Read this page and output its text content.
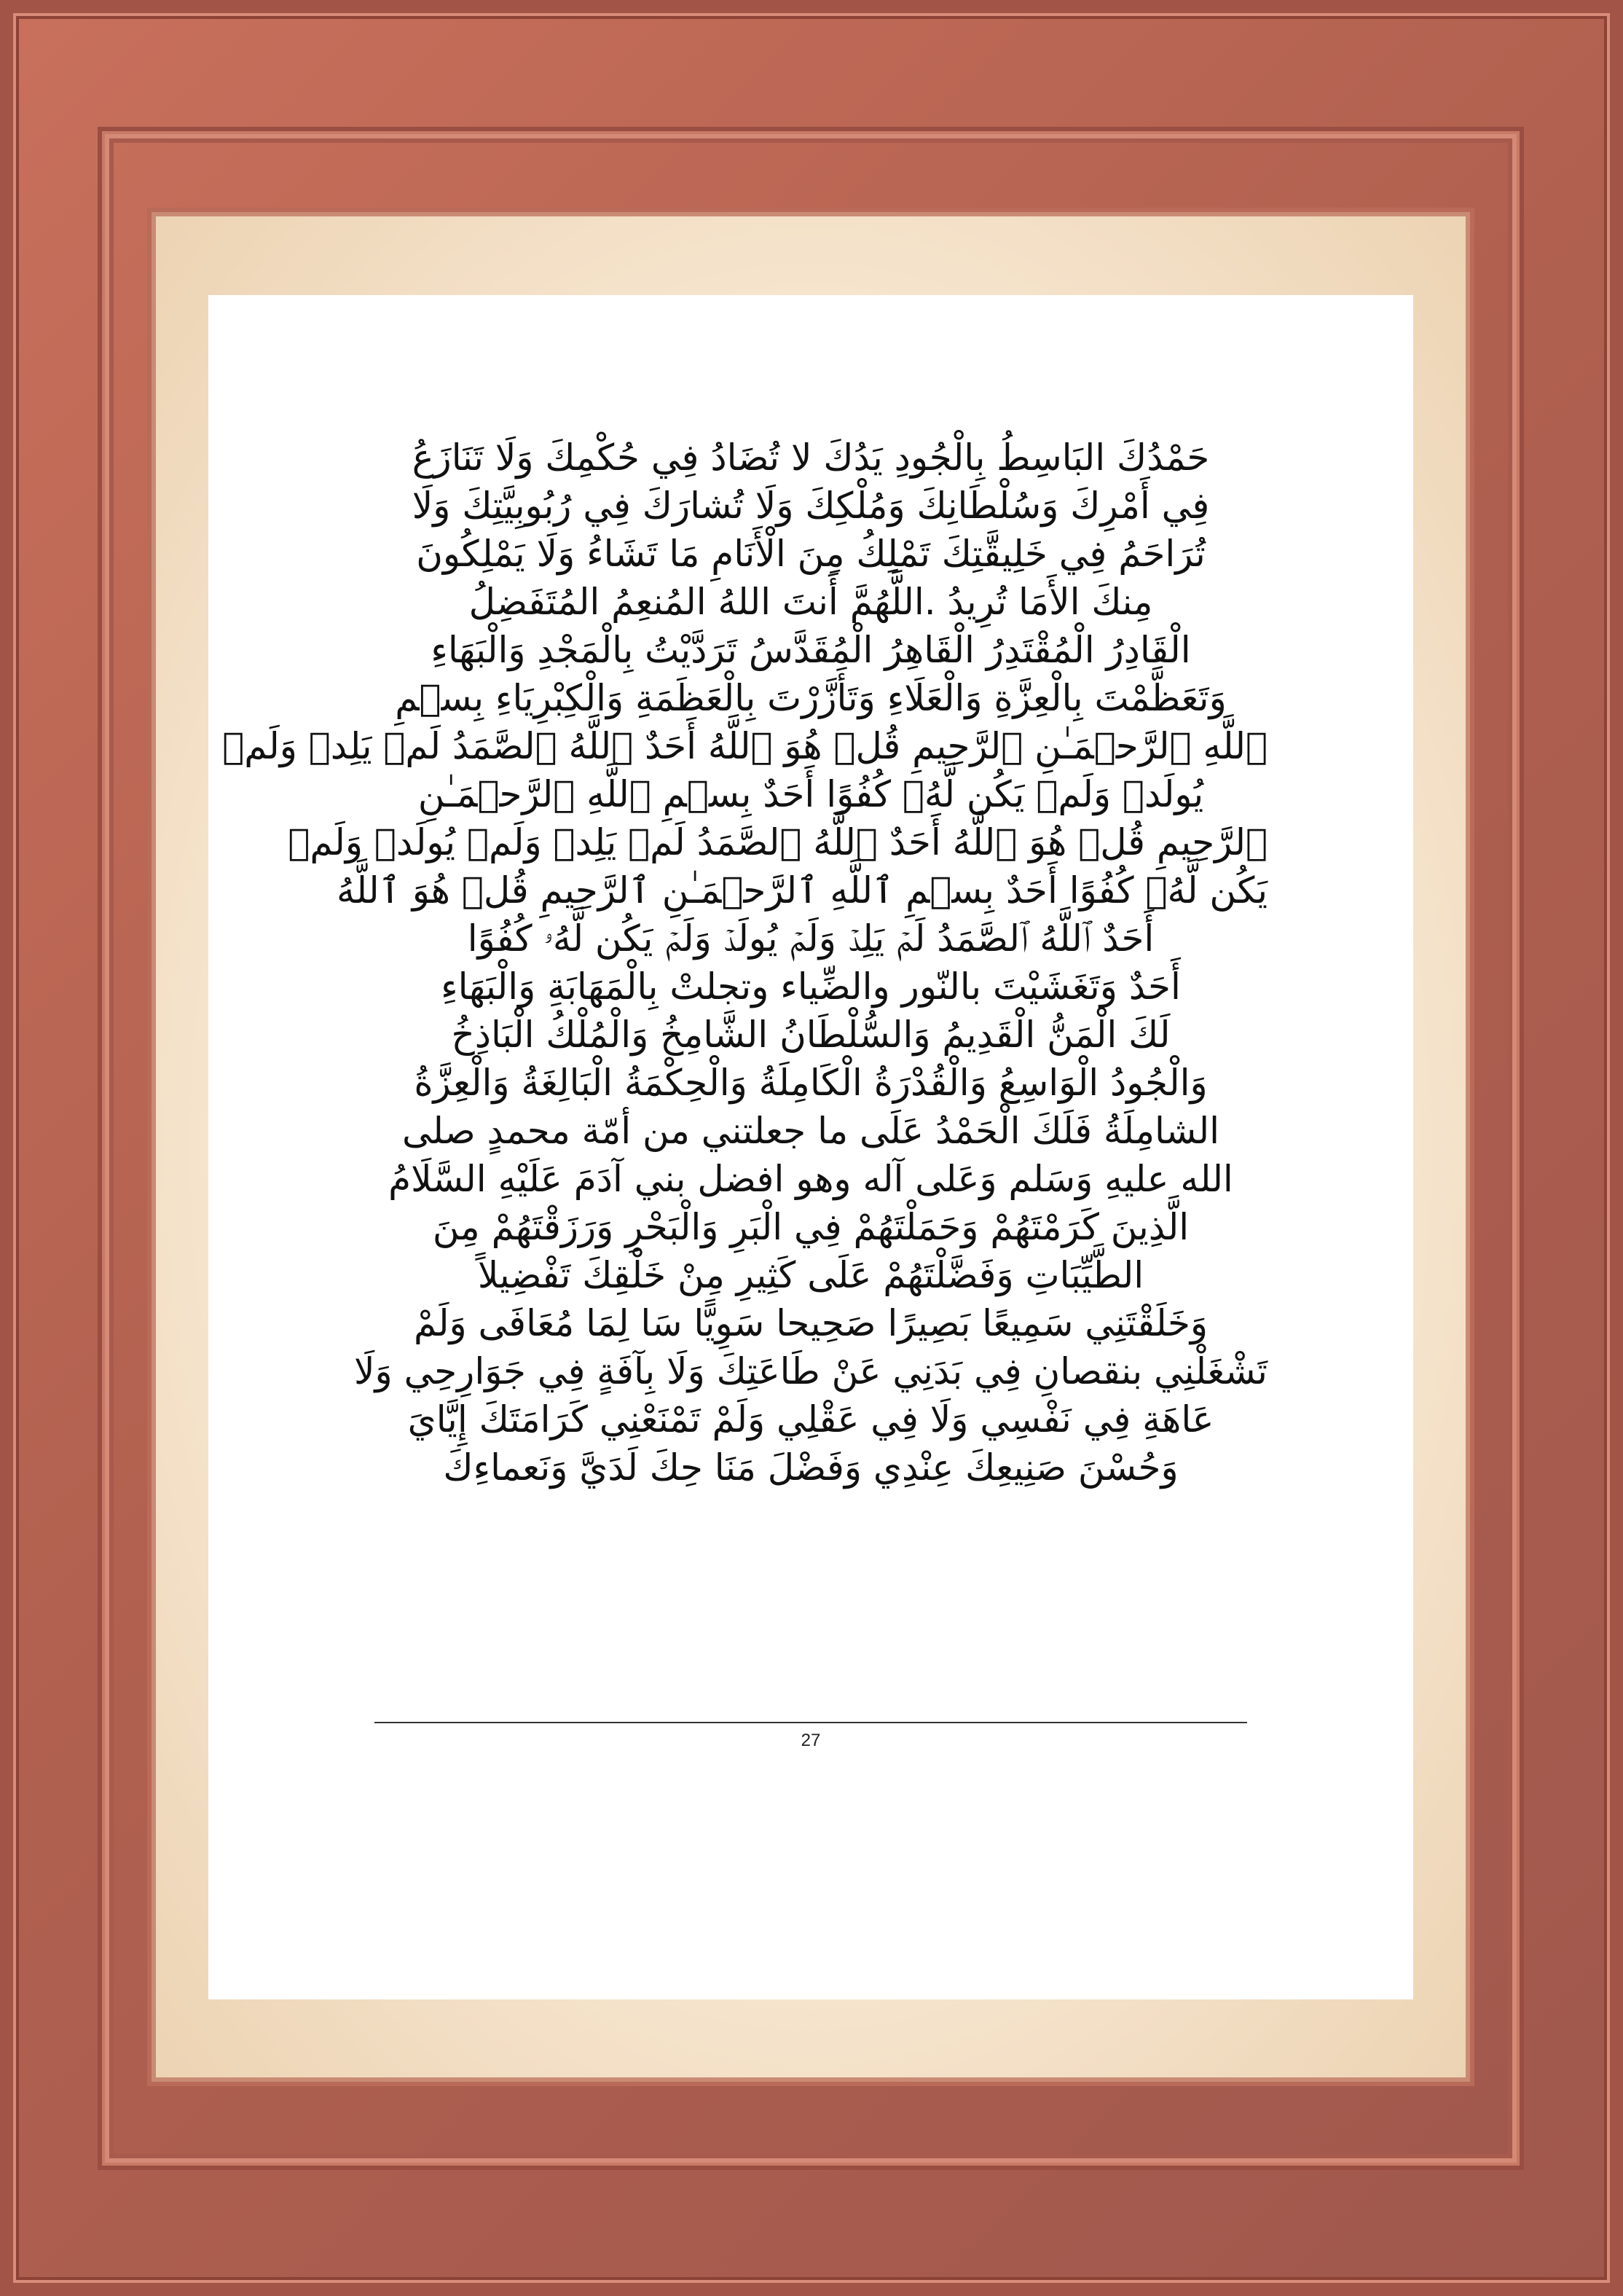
حَمْدُكَ البَاسِطُ بِالْجُودِ يَدُكَ لا تُضَادُ فِي حُكْمِكَ وَلَا تَنَازَعُ
فِي أَمْرِكَ وَسُلْطَانِكَ وَمُلْكِكَ وَلَا تُشارَكَ فِي رُبُوبِيَّتِكَ وَلَا
تُرَاحَمُ فِي خَلِيقَّتِكَ تَمْلِكُ مِنَ الْأَنَامِ مَا تَشَاءُ وَلَا يَمْلِكُونَ
مِنكَ الأَمَا تُرِيدُ .اللَّهُمَّ أَنتَ اللهُ المُنعِمُ المُتَفَضِلُ
الْقَادِرُ الْمُقْتَدِرُ الْقَاهِرُ الْمُقَدَّسُ تَرَدَّيْتُ بِالْمَجْدِ وَالْبَهَاءِ
وَتَعَظَّمْتَ بِالْعِزَّةِ وَالْعَلَاءِ وَتَأَزَّرْتَ بِالْعَظَمَةِ وَالْكِبْرِيَاءِ بِسۡمِ
ٱللَّهِ ٱلرَّحۡمَـٰنِ ٱلرَّحِيمِ قُلۡ هُوَ ٱللَّهُ أَحَدٌ ٱللَّهُ ٱلصَّمَدُ لَمۡ يَلِدۡ وَلَمۡ
يُولَدۡ وَلَمۡ يَكُن لَّهُۥ كُفُوًا أَحَدٌ بِسۡمِ ٱللَّهِ ٱلرَّحۡمَـٰنِ
ٱلرَّحِيمِ قُلۡ هُوَ ٱللَّهُ أَحَدٌ ٱللَّهُ ٱلصَّمَدُ لَمۡ يَلِدۡ وَلَمۡ يُولَدۡ وَلَمۡ
يَكُن لَّهُۥ كُفُوًا أَحَدٌ بِسۡمِ ٱللَّهِ ٱلرَّحۡمَـٰنِ ٱلرَّحِيمِ قُلۡ هُوَ ٱللَّهُ
أَحَدٌ ٱللَّهُ ٱلصَّمَدُ لَمۡ يَلِدۡ وَلَمۡ يُولَدۡ وَلَمۡ يَكُن لَّهُۥ كُفُوًا
أَحَدٌ وَتَغَشَيْتَ بالنّور والضِّياء وتجلتْ بِالْمَهَابَةِ وَالْبَهَاءِ
لَكَ الْمَنُّ الْقَدِيمُ وَالسُّلْطَانُ الشَّامِخُ وَالْمُلْكُ الْبَاذِخُ
وَالْجُودُ الْوَاسِعُ وَالْقُدْرَةُ الْكَامِلَةُ وَالْحِكْمَةُ الْبَالِغَةُ وَالْعِزَّةُ
الشامِلَةُ فَلَكَ الْحَمْدُ عَلَى ما جعلتني من أمّة محمدٍ صلى
الله عليهِ وَسَلم وَعَلى آله وهو افضل بني آدَمَ عَلَيْهِ السَّلَامُ
الَّذِينَ كَرَمْتَهُمْ وَحَمَلْتَهُمْ فِي الْبَرِ وَالْبَحْرِ وَرَزَقْتَهُمْ مِنَ
الطَّيِّبَاتِ وَفَضَّلْتَهُمْ عَلَى كَثِيرِ مِنْ خَلْقِكَ تَفْضِيلاً
وَخَلَقْتَنِي سَمِيعًا بَصِيرًا صَحِيحا سَوِيًّا سَا لِمَا مُعَافَى وَلَمْ
تَشْغَلْنِي بنقصانِ فِي بَدَنِي عَنْ طَاعَتِكَ وَلَا بِآفَةٍ فِي جَوَارِحِي وَلَا
عَاهَةِ فِي نَفْسِي وَلَا فِي عَقْلِي وَلَمْ تَمْنَعْنِي كَرَامَتَكَ إِيَّايَ
وَحُسْنَ صَنِيعِكَ عِنْدِي وَفَضْلَ مَنَا حِكَ لَدَيَّ وَنَعماءِكَ
27
